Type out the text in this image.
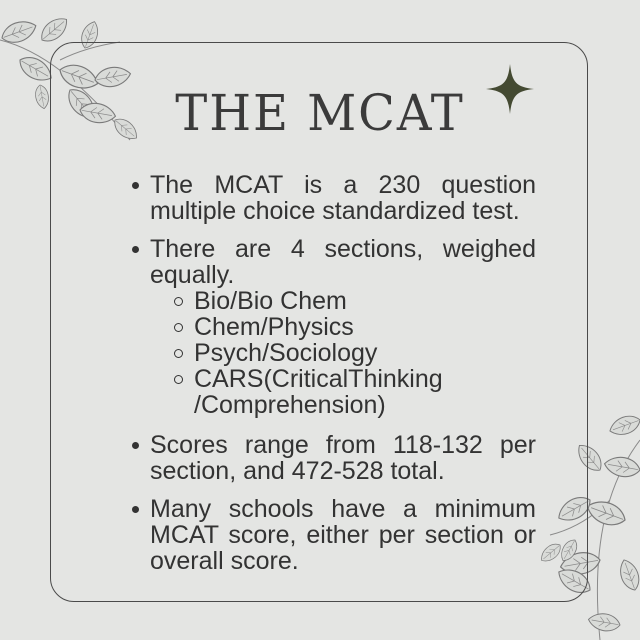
THE MCAT
The MCAT is a 230 question multiple choice standardized test.
There are 4 sections, weighed equally.
Bio/Bio Chem
Chem/Physics
Psych/Sociology
CARS(CriticalThinking /Comprehension)
Scores range from 118-132 per section, and 472-528 total.
Many schools have a minimum MCAT score, either per section or overall score.
